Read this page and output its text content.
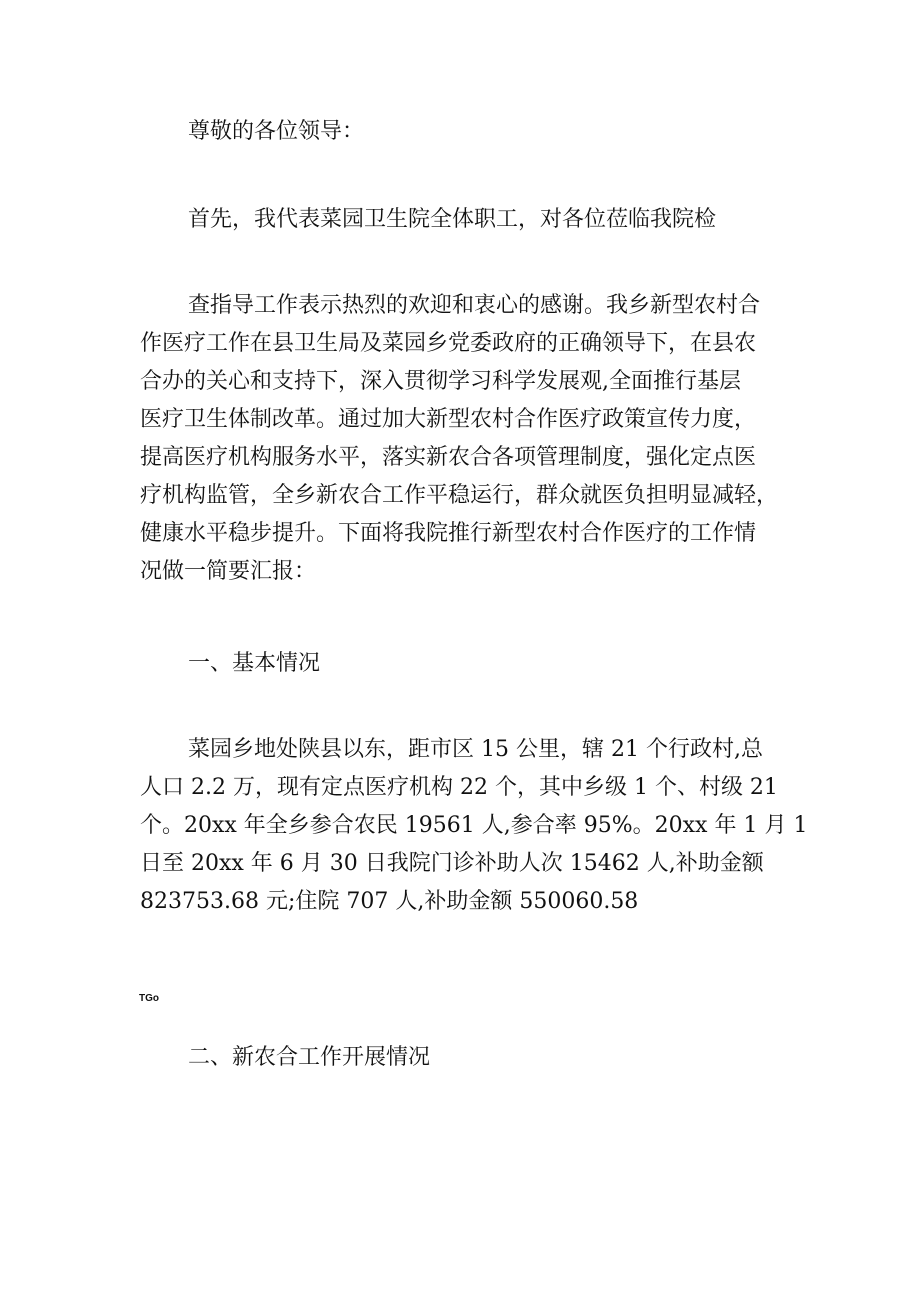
尊敬的各位领导：

首先，我代表菜园卫生院全体职工，对各位莅临我院检

查指导工作表示热烈的欢迎和衷心的感谢。我乡新型农村合

作医疗工作在县卫生局及菜园乡党委政府的正确领导下，在县农

合办的关心和支持下，深入贯彻学习科学发展观,全面推行基层

医疗卫生体制改革。通过加大新型农村合作医疗政策宣传力度，

提高医疗机构服务水平，落实新农合各项管理制度，强化定点医

疗机构监管，全乡新农合工作平稳运行，群众就医负担明显减轻，

健康水平稳步提升。下面将我院推行新型农村合作医疗的工作情

况做一简要汇报：

一、基本情况

菜园乡地处陕县以东，距市区 15 公里，辖 21 个行政村,总

人口 2.2 万，现有定点医疗机构 22 个，其中乡级 1 个、村级 21

个。20xx 年全乡参合农民 19561 人,参合率 95%。20xx 年 1 月 1

日至 20xx 年 6 月 30 日我院门诊补助人次 15462 人,补助金额

823753.68 元;住院 707 人,补助金额 550060.58

TGo

二、新农合工作开展情况
